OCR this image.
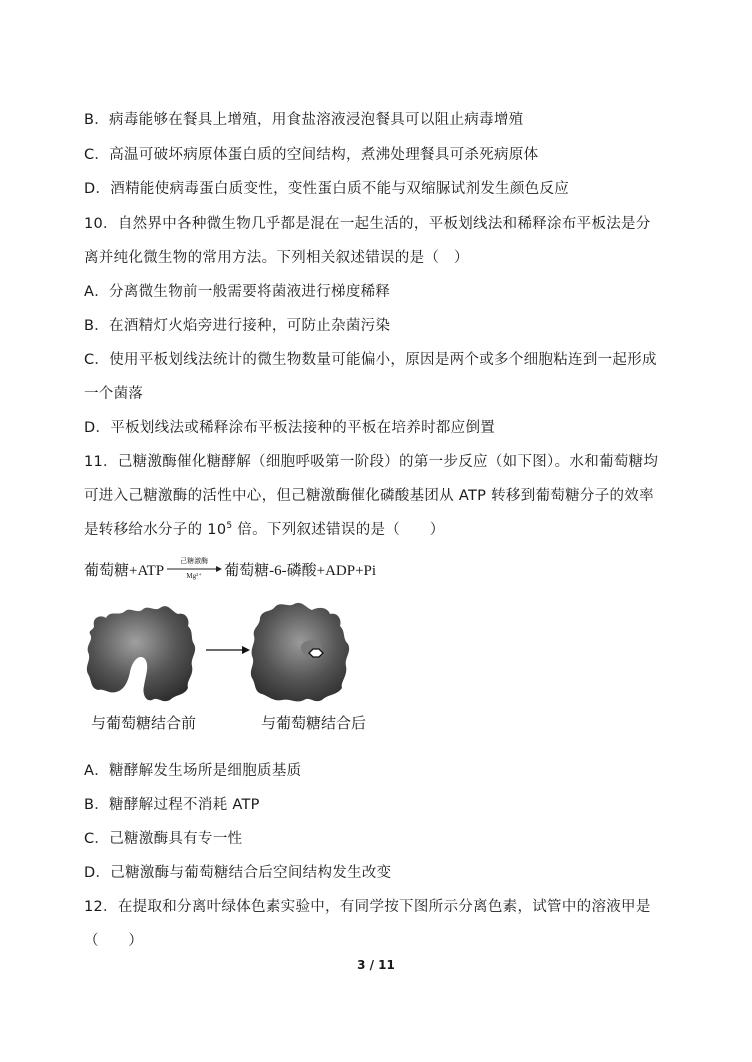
B．病毒能够在餐具上增殖，用食盐溶液浸泡餐具可以阻止病毒增殖
C．高温可破坏病原体蛋白质的空间结构，煮沸处理餐具可杀死病原体
D．酒精能使病毒蛋白质变性，变性蛋白质不能与双缩脲试剂发生颜色反应
10．自然界中各种微生物几乎都是混在一起生活的，平板划线法和稀释涂布平板法是分
离并纯化微生物的常用方法。下列相关叙述错误的是（　）
A．分离微生物前一般需要将菌液进行梯度稀释
B．在酒精灯火焰旁进行接种，可防止杂菌污染
C．使用平板划线法统计的微生物数量可能偏小，原因是两个或多个细胞粘连到一起形成
一个菌落
D．平板划线法或稀释涂布平板法接种的平板在培养时都应倒置
11．己糖激酶催化糖酵解（细胞呼吸第一阶段）的第一步反应（如下图）。水和葡萄糖均
可进入己糖激酶的活性中心，但己糖激酶催化磷酸基团从 ATP 转移到葡萄糖分子的效率
是转移给水分子的 $10^5$ 倍。下列叙述错误的是（　　）
葡萄糖+ATP
己糖激酶
Mg²⁺	葡萄糖-6-磷酸+ADP+Pi
与葡萄糖结合前	与葡萄糖结合后
A．糖酵解发生场所是细胞质基质
B．糖酵解过程不消耗 ATP
C．己糖激酶具有专一性
D．己糖激酶与葡萄糖结合后空间结构发生改变
12．在提取和分离叶绿体色素实验中，有同学按下图所示分离色素，试管中的溶液甲是
（　　）
3 / 11
